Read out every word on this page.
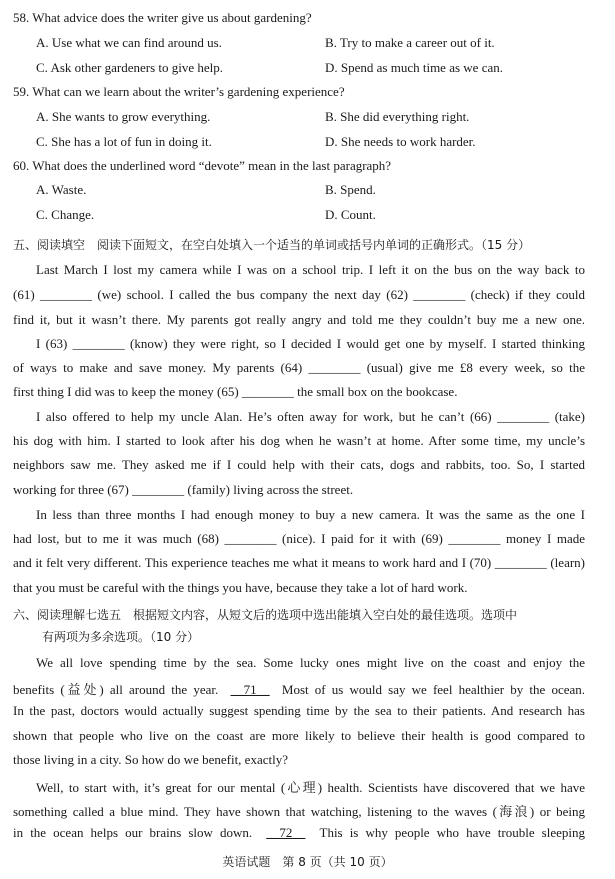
58. What advice does the writer give us about gardening?
A. Use what we can find around us.	B. Try to make a career out of it.
C. Ask other gardeners to give help.	D. Spend as much time as we can.
59. What can we learn about the writer’s gardening experience?
A. She wants to grow everything.	B. She did everything right.
C. She has a lot of fun in doing it.	D. She needs to work harder.
60. What does the underlined word “devote” mean in the last paragraph?
A. Waste.	B. Spend.
C. Change.	D. Count.
五、阅读填空　阅读下面短文，在空白处填入一个适当的单词或括号内单词的正确形式。（15 分）
Last March I lost my camera while I was on a school trip. I left it on the bus on the way back to
(61) ________ (we) school. I called the bus company the next day (62) ________ (check) if they could
find it, but it wasn’t there. My parents got really angry and told me they couldn’t buy me a new one.
I (63) ________ (know) they were right, so I decided I would get one by myself. I started thinking
of ways to make and save money. My parents (64) ________ (usual) give me £8 every week, so the
first thing I did was to keep the money (65) ________ the small box on the bookcase.
I also offered to help my uncle Alan. He’s often away for work, but he can’t (66) ________ (take)
his dog with him. I started to look after his dog when he wasn’t at home. After some time, my uncle’s
neighbors saw me. They asked me if I could help with their cats, dogs and rabbits, too. So, I started
working for three (67) ________ (family) living across the street.
In less than three months I had enough money to buy a new camera. It was the same as the one I
had lost, but to me it was much (68) ________ (nice). I paid for it with (69) ________ money I made
and it felt very different. This experience teaches me what it means to work hard and I (70) ________ (learn)
that you must be careful with the things you have, because they take a lot of hard work.
六、阅读理解七选五　根据短文内容，从短文后的选项中选出能填入空白处的最佳选项。选项中
有两项为多余选项。（10 分）
We all love spending time by the sea. Some lucky ones might live on the coast and enjoy the
benefits (益处) all around the year. __71__ Most of us would say we feel healthier by the ocean.
In the past, doctors would actually suggest spending time by the sea to their patients. And research has
shown that people who live on the coast are more likely to believe their health is good compared to
those living in a city. So how do we benefit, exactly?
Well, to start with, it’s great for our mental (心理) health. Scientists have discovered that we have
something called a blue mind. They have shown that watching, listening to the waves (海浪) or being
in the ocean helps our brains slow down. __72__ This is why people who have trouble sleeping
英语试题　第 8 页（共 10 页）
